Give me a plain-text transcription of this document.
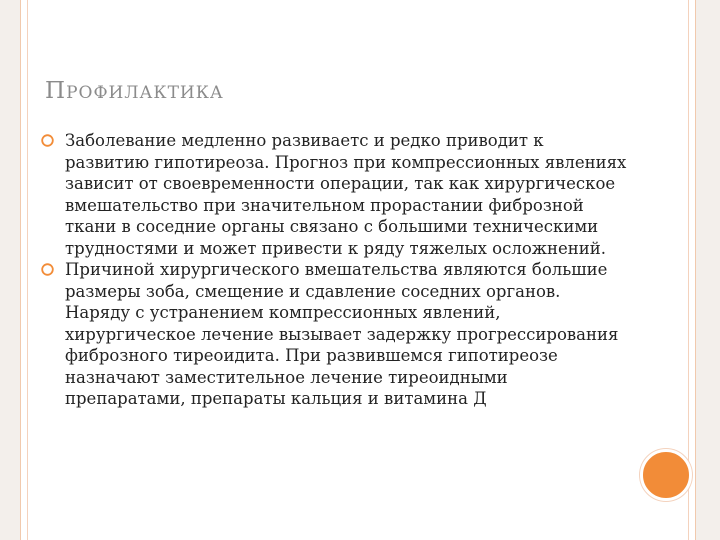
ПРОФИЛАКТИКА

Заболевание медленно развиваетс и редко приводит к развитию гипотиреоза. Прогноз при компрессионных явлениях зависит от своевременности операции, так как хирургическое вмешательство при значительном прорастании фиброзной ткани в соседние органы связано с большими техническими трудностями и может привести к ряду тяжелых осложнений.

Причиной хирургического вмешательства являются большие размеры зоба, смещение и сдавление соседних органов. Наряду с устранением компрессионных явлений, хирургическое лечение вызывает задержку прогрессирования фиброзного тиреоидита. При развившемся гипотиреозе назначают заместительное лечение тиреоидными препаратами, препараты кальция и витамина Д
